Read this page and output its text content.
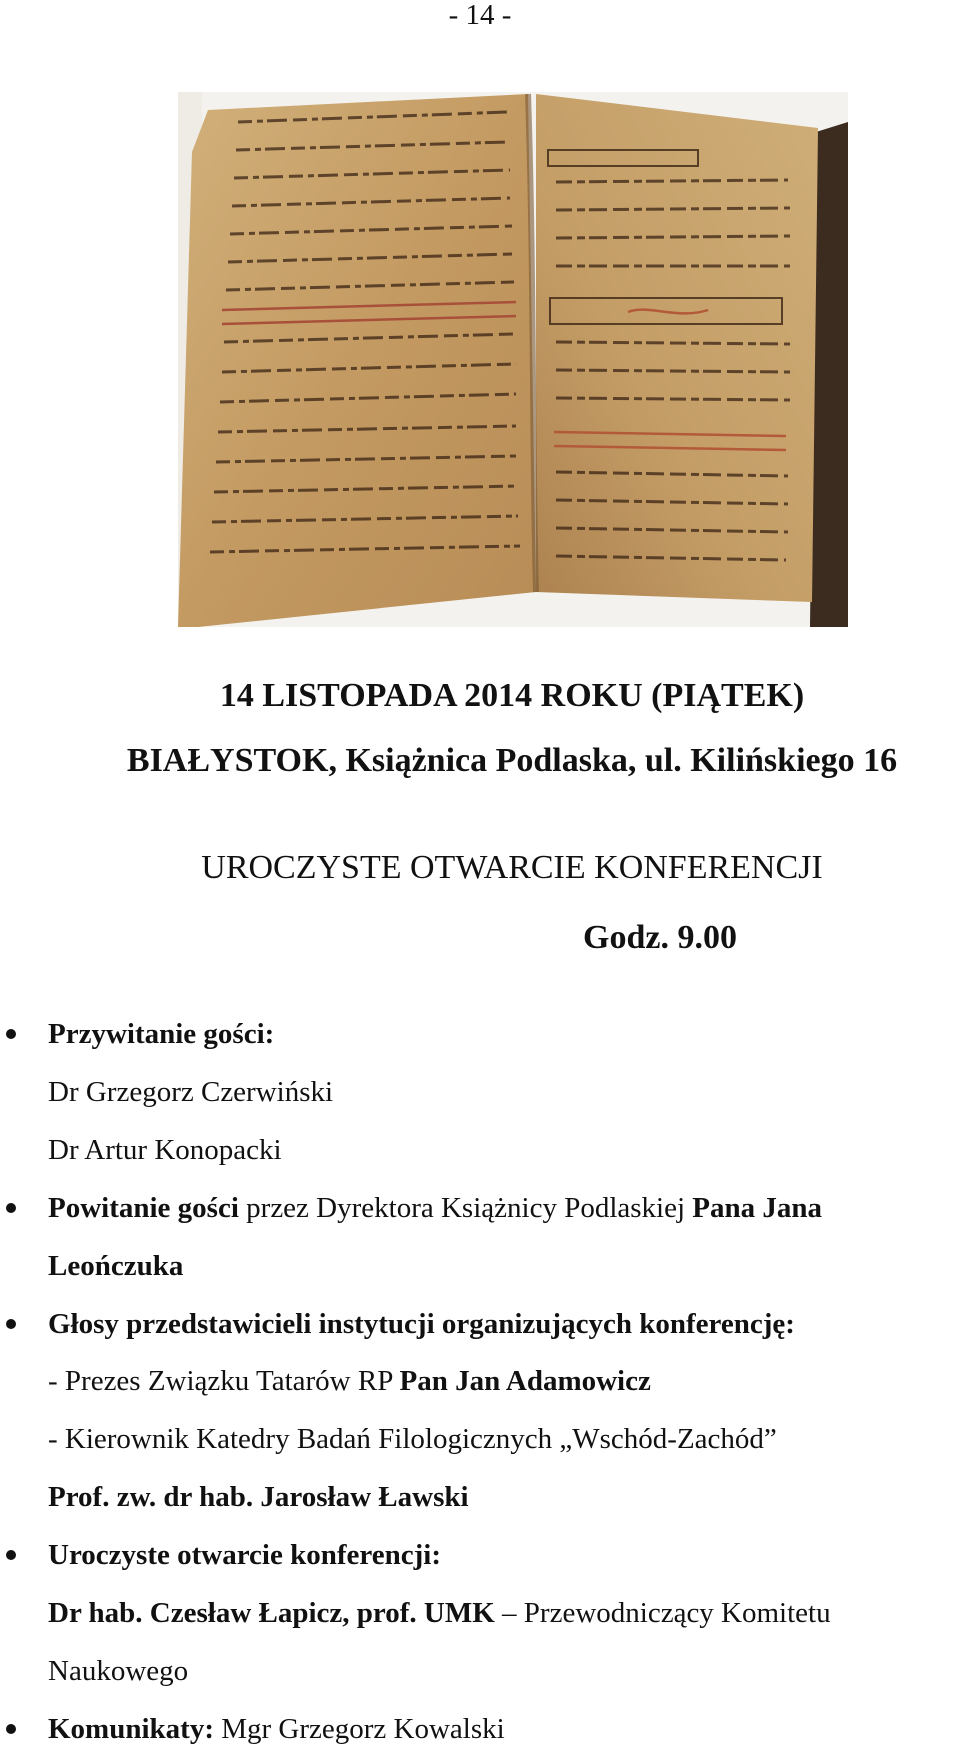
- 14 -
14 LISTOPADA 2014 ROKU (PIĄTEK)
BIAŁYSTOK, Książnica Podlaska, ul. Kilińskiego 16
UROCZYSTE OTWARCIE KONFERENCJI
Godz. 9.00
Przywitanie gości:
Dr Grzegorz Czerwiński
Dr Artur Konopacki
Powitanie gości przez Dyrektora Książnicy Podlaskiej Pana Jana
Leończuka
Głosy przedstawicieli instytucji organizujących konferencję:
- Prezes Związku Tatarów RP Pan Jan Adamowicz
- Kierownik Katedry Badań Filologicznych „Wschód-Zachód”
Prof. zw. dr hab. Jarosław Ławski
Uroczyste otwarcie konferencji:
Dr hab. Czesław Łapicz, prof. UMK – Przewodniczący Komitetu
Naukowego
Komunikaty: Mgr Grzegorz Kowalski
